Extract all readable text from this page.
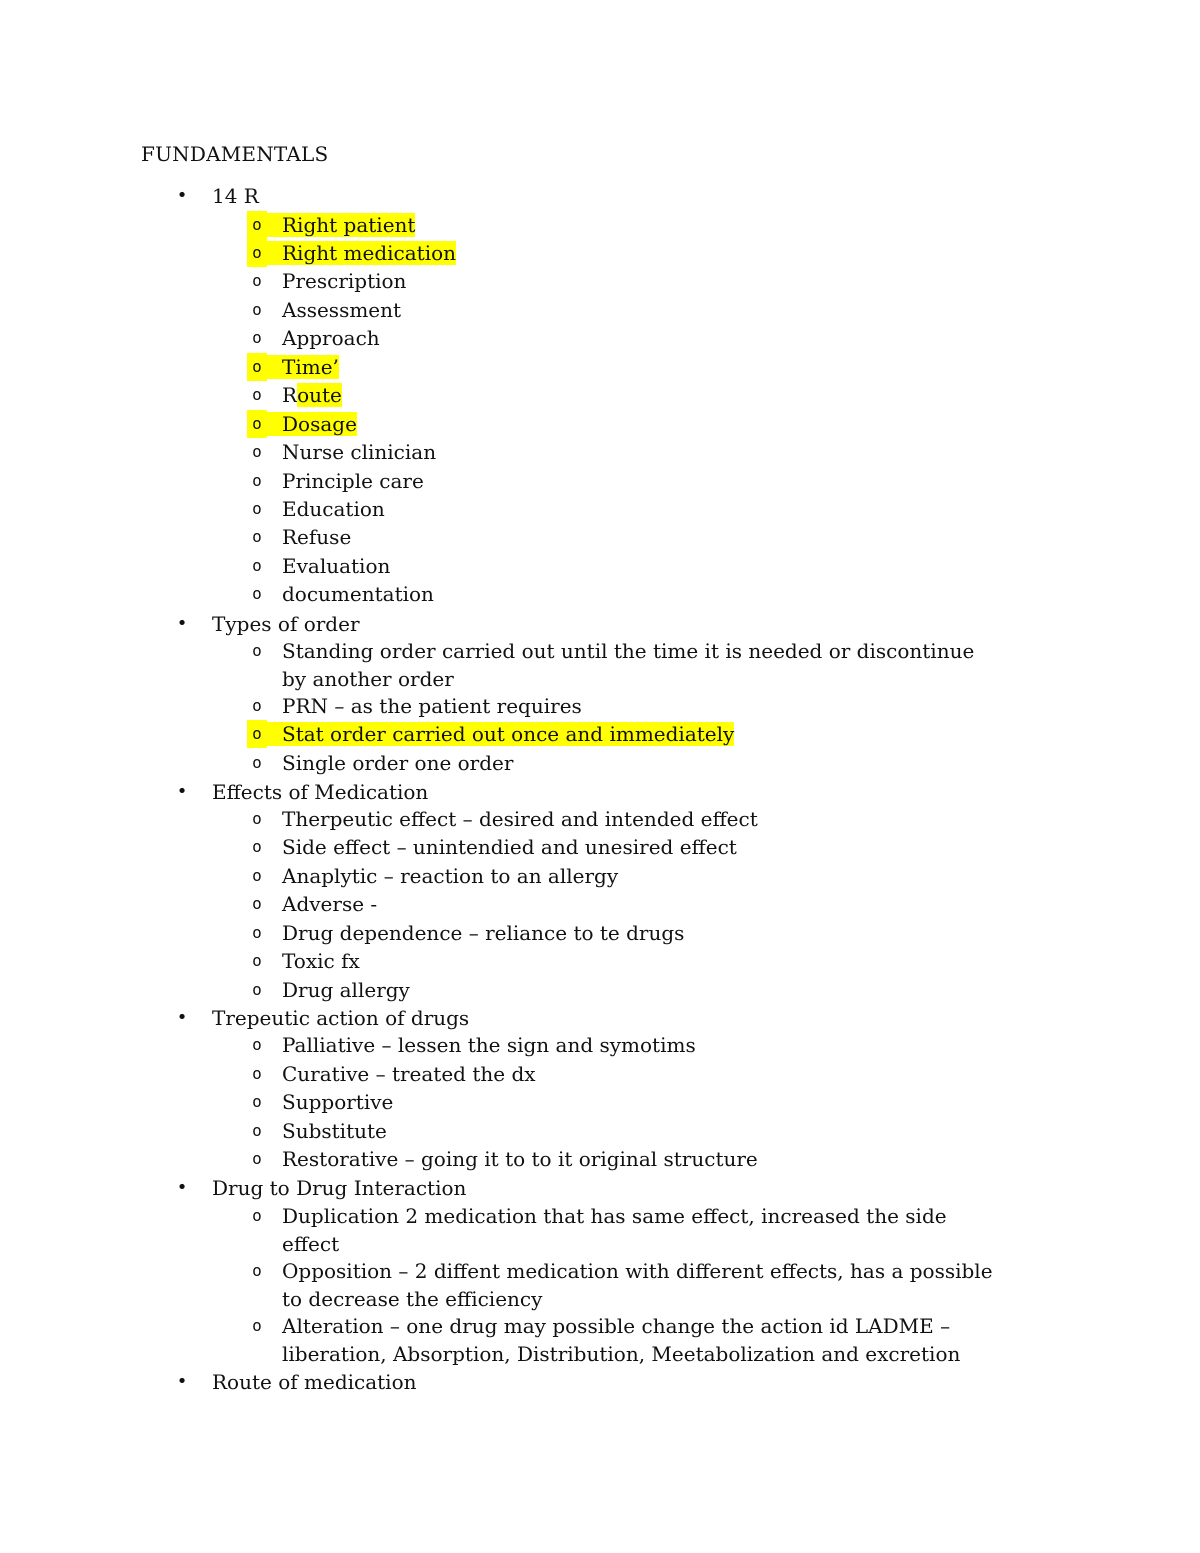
FUNDAMENTALS
• 14 R
o Right patient
o Right medication
o Prescription
o Assessment
o Approach
o Time’
o Route
o Dosage
o Nurse clinician
o Principle care
o Education
o Refuse
o Evaluation
o documentation
• Types of order
o Standing order carried out until the time it is needed or discontinue
by another order
o PRN – as the patient requires
o Stat order carried out once and immediately
o Single order one order
• Effects of Medication
o Therpeutic effect – desired and intended effect
o Side effect – unintendied and unesired effect
o Anaplytic – reaction to an allergy
o Adverse -
o Drug dependence – reliance to te drugs
o Toxic fx
o Drug allergy
• Trepeutic action of drugs
o Palliative – lessen the sign and symotims
o Curative – treated the dx
o Supportive
o Substitute
o Restorative – going it to to it original structure
• Drug to Drug Interaction
o Duplication 2 medication that has same effect, increased the side
effect
o Opposition – 2 diffent medication with different effects, has a possible
to decrease the efficiency
o Alteration – one drug may possible change the action id LADME –
liberation, Absorption, Distribution, Meetabolization and excretion
• Route of medication
